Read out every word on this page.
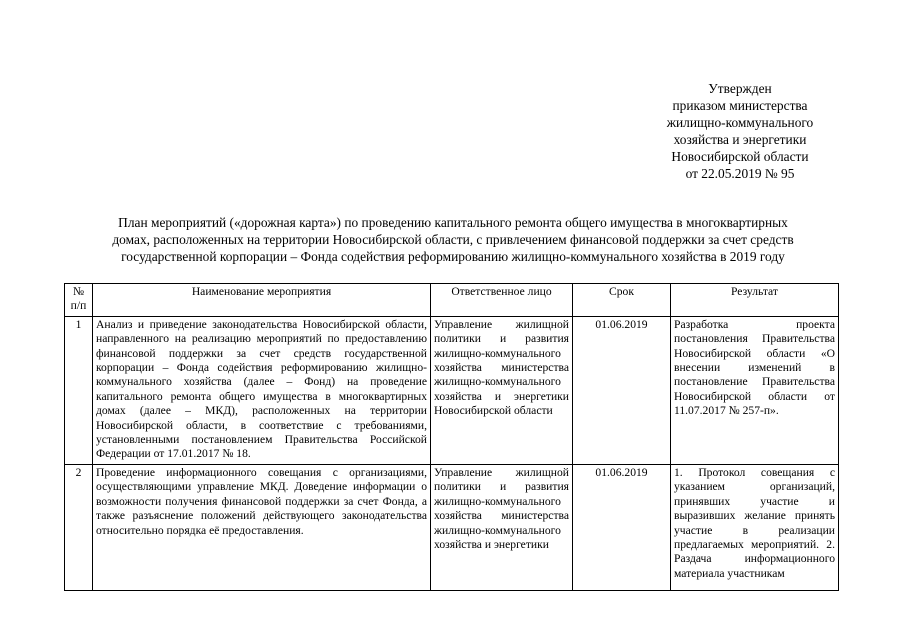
Утвержден
приказом министерства
жилищно-коммунального
хозяйства и энергетики
Новосибирской области
от 22.05.2019 № 95
План мероприятий («дорожная карта») по проведению капитального ремонта общего имущества в многоквартирных
домах, расположенных на территории Новосибирской области, с привлечением финансовой поддержки за счет средств
государственной корпорации – Фонда содействия реформированию жилищно-коммунального хозяйства в 2019 году
№ п/п	Наименование мероприятия	Ответственное лицо	Срок	Результат
1	Анализ и приведение законодательства Новосибирской области, направленного на реализацию мероприятий по предоставлению финансовой поддержки за счет средств государственной корпорации – Фонда содействия реформированию жилищно-коммунального хозяйства (далее – Фонд) на проведение капитального ремонта общего имущества в многоквартирных домах (далее – МКД), расположенных на территории Новосибирской области, в соответствие с требованиями, установленными постановлением Правительства Российской Федерации от 17.01.2017 № 18.	Управление жилищной политики и развития жилищно-коммунального хозяйства министерства жилищно-коммунального хозяйства и энергетики Новосибирской области	01.06.2019	Разработка проекта постановления Правительства Новосибирской области «О внесении изменений в постановление Правительства Новосибирской области от 11.07.2017 № 257-п».
2	Проведение информационного совещания с организациями, осуществляющими управление МКД. Доведение информации о возможности получения финансовой поддержки за счет Фонда, а также разъяснение положений действующего законодательства относительно порядка её предоставления.	Управление жилищной политики и развития жилищно-коммунального хозяйства министерства жилищно-коммунального хозяйства и энергетики	01.06.2019	1. Протокол совещания с указанием организаций, принявших участие и выразивших желание принять участие в реализации предлагаемых мероприятий. 2. Раздача информационного материала участникам
